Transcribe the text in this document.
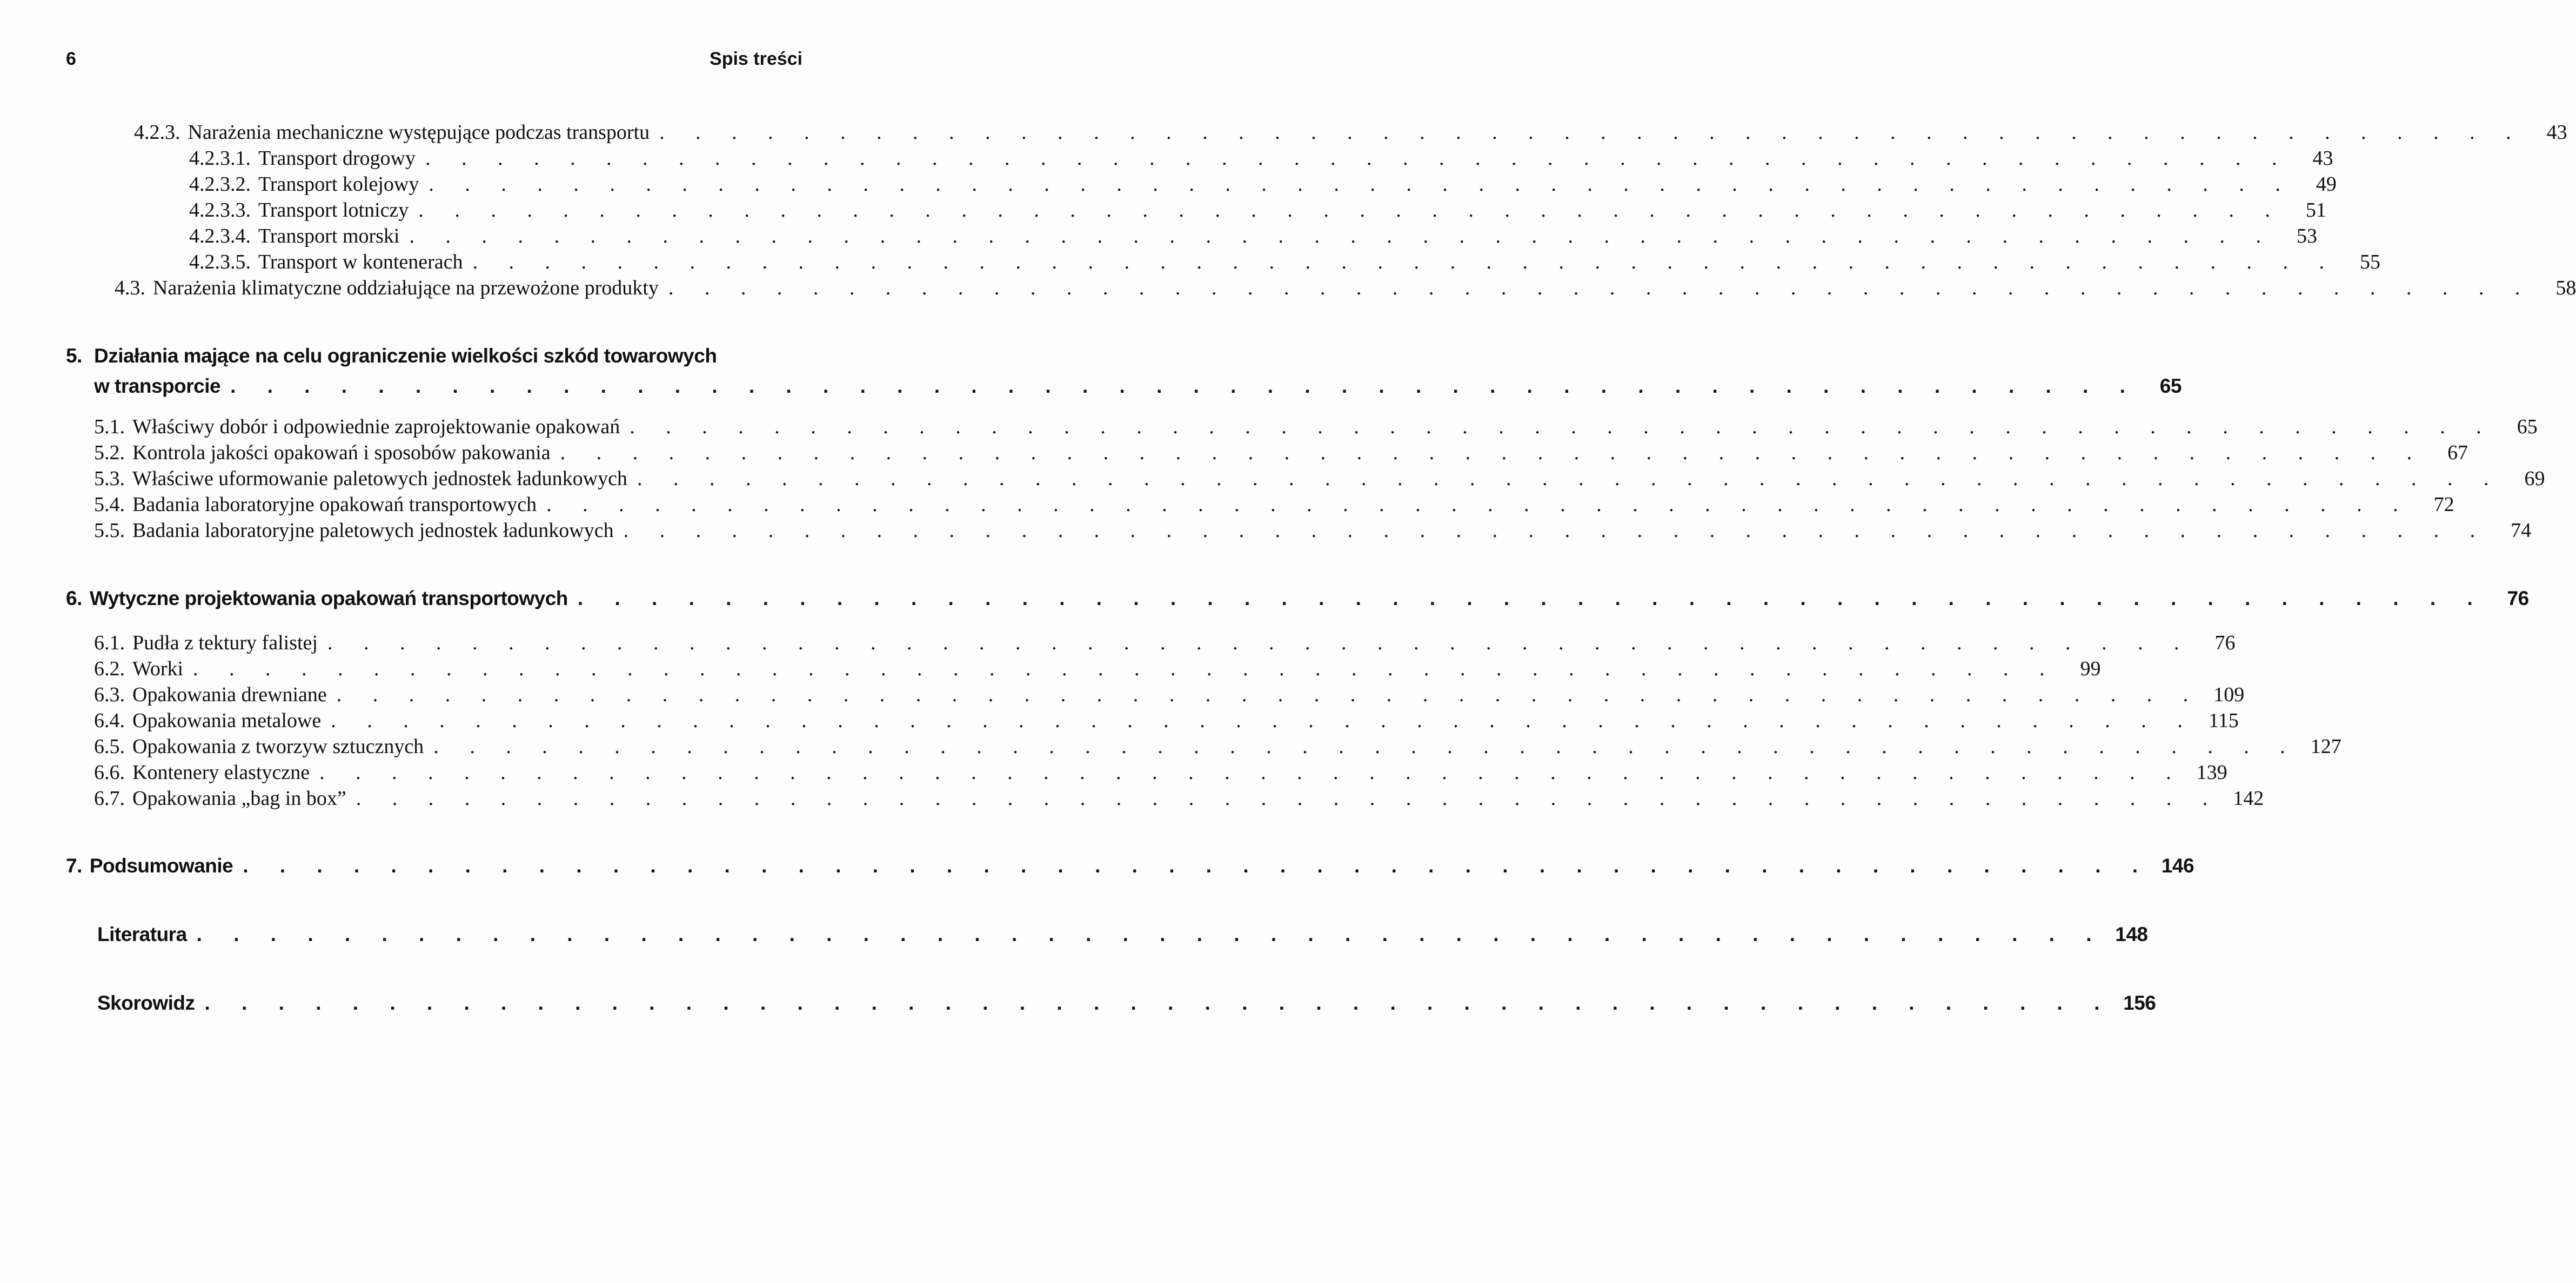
6	Spis treści
4.2.3. Narażenia mechaniczne występujące podczas transportu . . . . . . . . . . . . . . . . . . . . . . . . . . . . . . . . . . . . . . . . . . . . . . . . . . . .	43
4.2.3.1. Transport drogowy . . . . . . . . . . . . . . . . . . . . . . . . . . . . . . . . . . . . . . . . . . . . . . . . . . . .	43
4.2.3.2. Transport kolejowy . . . . . . . . . . . . . . . . . . . . . . . . . . . . . . . . . . . . . . . . . . . . . . . . . . . .	49
4.2.3.3. Transport lotniczy . . . . . . . . . . . . . . . . . . . . . . . . . . . . . . . . . . . . . . . . . . . . . . . . . . . .	51
4.2.3.4. Transport morski . . . . . . . . . . . . . . . . . . . . . . . . . . . . . . . . . . . . . . . . . . . . . . . . . . . .	53
4.2.3.5. Transport w kontenerach . . . . . . . . . . . . . . . . . . . . . . . . . . . . . . . . . . . . . . . . . . . . . . . . . . . .	55
4.3. Narażenia klimatyczne oddziałujące na przewożone produkty . . . . . . . . . . . . . . . . . . . . . . . . . . . . . . . . . . . . . . . . . . . . . . . . . . . .	58
5. Działania mające na celu ograniczenie wielkości szkód towarowych
w transporcie . . . . . . . . . . . . . . . . . . . . . . . . . . . . . . . . . . . . . . . . . . . . . . . . . . . .	65
5.1. Właściwy dobór i odpowiednie zaprojektowanie opakowań . . . . . . . . . . . . . . . . . . . . . . . . . . . . . . . . . . . . . . . . . . . . . . . . . . . .	65
5.2. Kontrola jakości opakowań i sposobów pakowania . . . . . . . . . . . . . . . . . . . . . . . . . . . . . . . . . . . . . . . . . . . . . . . . . . . .	67
5.3. Właściwe uformowanie paletowych jednostek ładunkowych . . . . . . . . . . . . . . . . . . . . . . . . . . . . . . . . . . . . . . . . . . . . . . . . . . . .	69
5.4. Badania laboratoryjne opakowań transportowych . . . . . . . . . . . . . . . . . . . . . . . . . . . . . . . . . . . . . . . . . . . . . . . . . . . .	72
5.5. Badania laboratoryjne paletowych jednostek ładunkowych . . . . . . . . . . . . . . . . . . . . . . . . . . . . . . . . . . . . . . . . . . . . . . . . . . . .	74
6. Wytyczne projektowania opakowań transportowych . . . . . . . . . . . . . . . . . . . . . . . . . . . . . . . . . . . . . . . . . . . . . . . . . . . .	76
6.1. Pudła z tektury falistej . . . . . . . . . . . . . . . . . . . . . . . . . . . . . . . . . . . . . . . . . . . . . . . . . . . .	76
6.2. Worki . . . . . . . . . . . . . . . . . . . . . . . . . . . . . . . . . . . . . . . . . . . . . . . . . . . .	99
6.3. Opakowania drewniane . . . . . . . . . . . . . . . . . . . . . . . . . . . . . . . . . . . . . . . . . . . . . . . . . . . . 109
6.4. Opakowania metalowe . . . . . . . . . . . . . . . . . . . . . . . . . . . . . . . . . . . . . . . . . . . . . . . . . . . . 115
6.5. Opakowania z tworzyw sztucznych . . . . . . . . . . . . . . . . . . . . . . . . . . . . . . . . . . . . . . . . . . . . . . . . . . . . 127
6.6. Kontenery elastyczne . . . . . . . . . . . . . . . . . . . . . . . . . . . . . . . . . . . . . . . . . . . . . . . . . . . . 139
6.7. Opakowania „bag in box” . . . . . . . . . . . . . . . . . . . . . . . . . . . . . . . . . . . . . . . . . . . . . . . . . . . . 142
7. Podsumowanie . . . . . . . . . . . . . . . . . . . . . . . . . . . . . . . . . . . . . . . . . . . . . . . . . . . . 146
Literatura . . . . . . . . . . . . . . . . . . . . . . . . . . . . . . . . . . . . . . . . . . . . . . . . . . . . 148
Skorowidz . . . . . . . . . . . . . . . . . . . . . . . . . . . . . . . . . . . . . . . . . . . . . . . . . . . . 156
